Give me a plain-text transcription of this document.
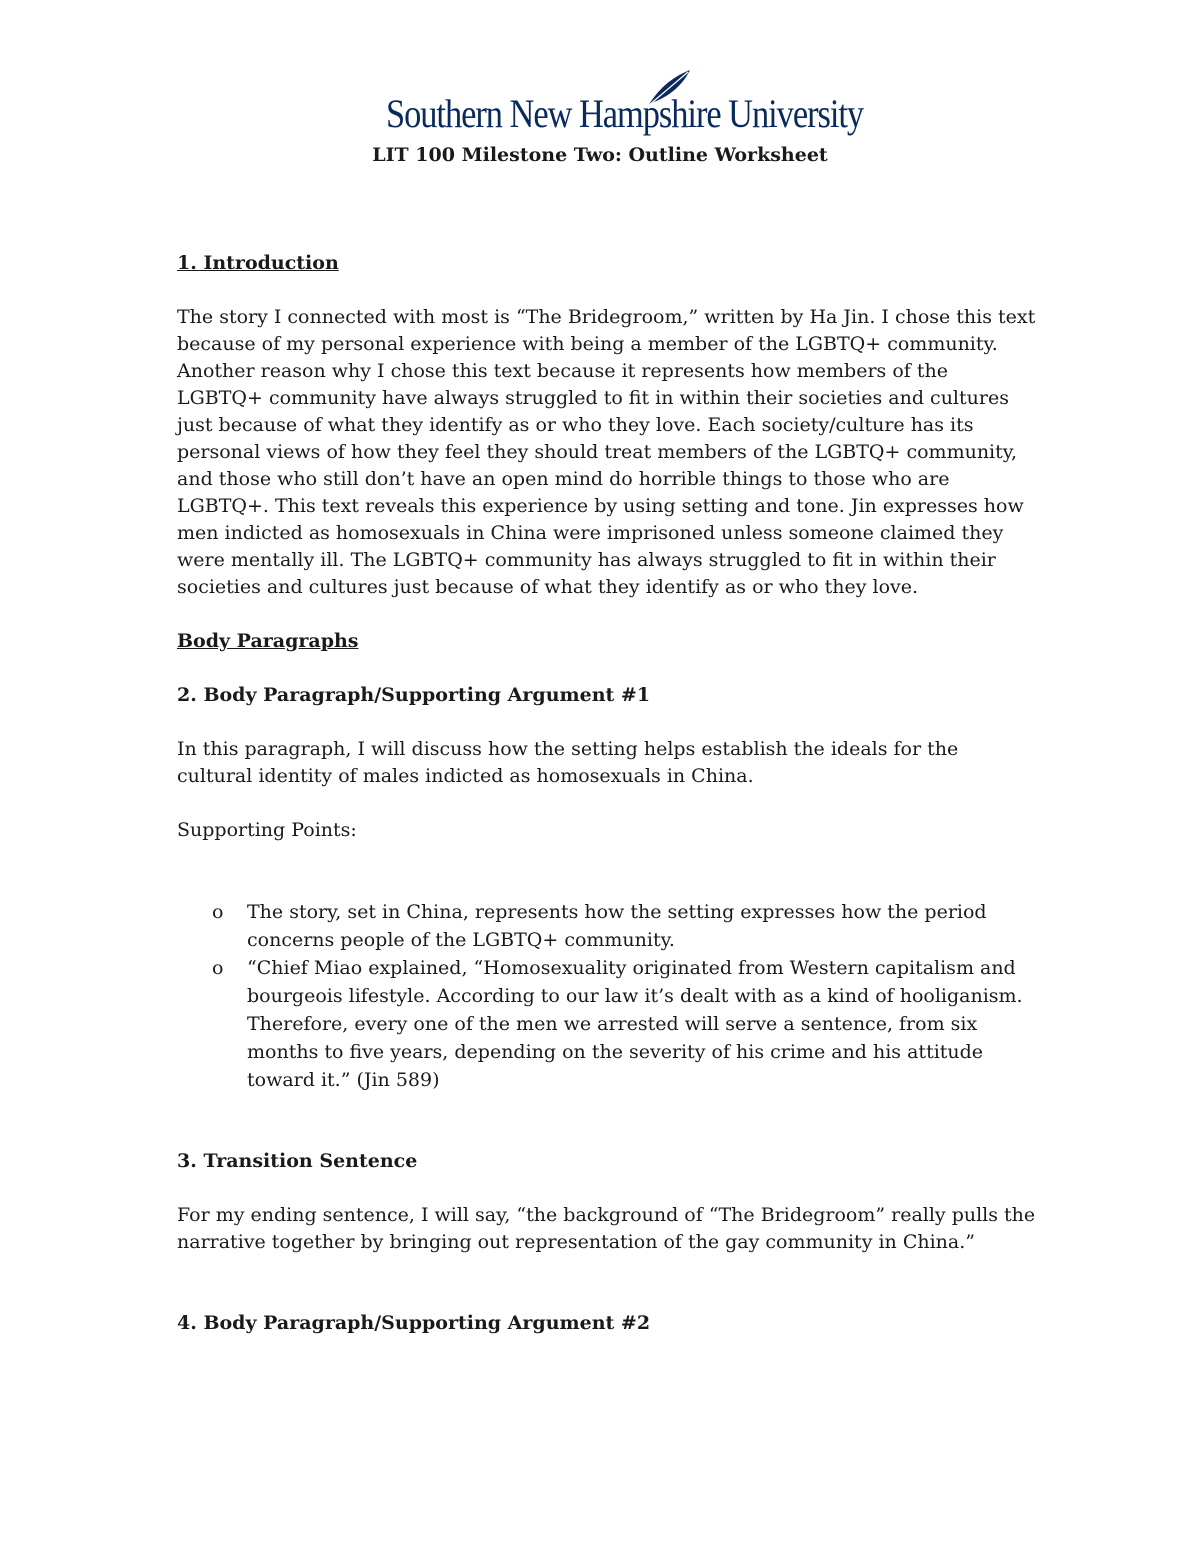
Southern New Hampshire University
LIT 100 Milestone Two: Outline Worksheet

1. Introduction

The story I connected with most is “The Bridegroom,” written by Ha Jin. I chose this text because of my personal experience with being a member of the LGBTQ+ community. Another reason why I chose this text because it represents how members of the LGBTQ+ community have always struggled to fit in within their societies and cultures just because of what they identify as or who they love. Each society/culture has its personal views of how they feel they should treat members of the LGBTQ+ community, and those who still don’t have an open mind do horrible things to those who are LGBTQ+. This text reveals this experience by using setting and tone. Jin expresses how men indicted as homosexuals in China were imprisoned unless someone claimed they were mentally ill. The LGBTQ+ community has always struggled to fit in within their societies and cultures just because of what they identify as or who they love.

Body Paragraphs

2. Body Paragraph/Supporting Argument #1

In this paragraph, I will discuss how the setting helps establish the ideals for the cultural identity of males indicted as homosexuals in China.

Supporting Points:

o The story, set in China, represents how the setting expresses how the period concerns people of the LGBTQ+ community.
o “Chief Miao explained, “Homosexuality originated from Western capitalism and bourgeois lifestyle. According to our law it’s dealt with as a kind of hooliganism. Therefore, every one of the men we arrested will serve a sentence, from six months to five years, depending on the severity of his crime and his attitude toward it.” (Jin 589)

3. Transition Sentence

For my ending sentence, I will say, “the background of “The Bridegroom” really pulls the narrative together by bringing out representation of the gay community in China.”

4. Body Paragraph/Supporting Argument #2
